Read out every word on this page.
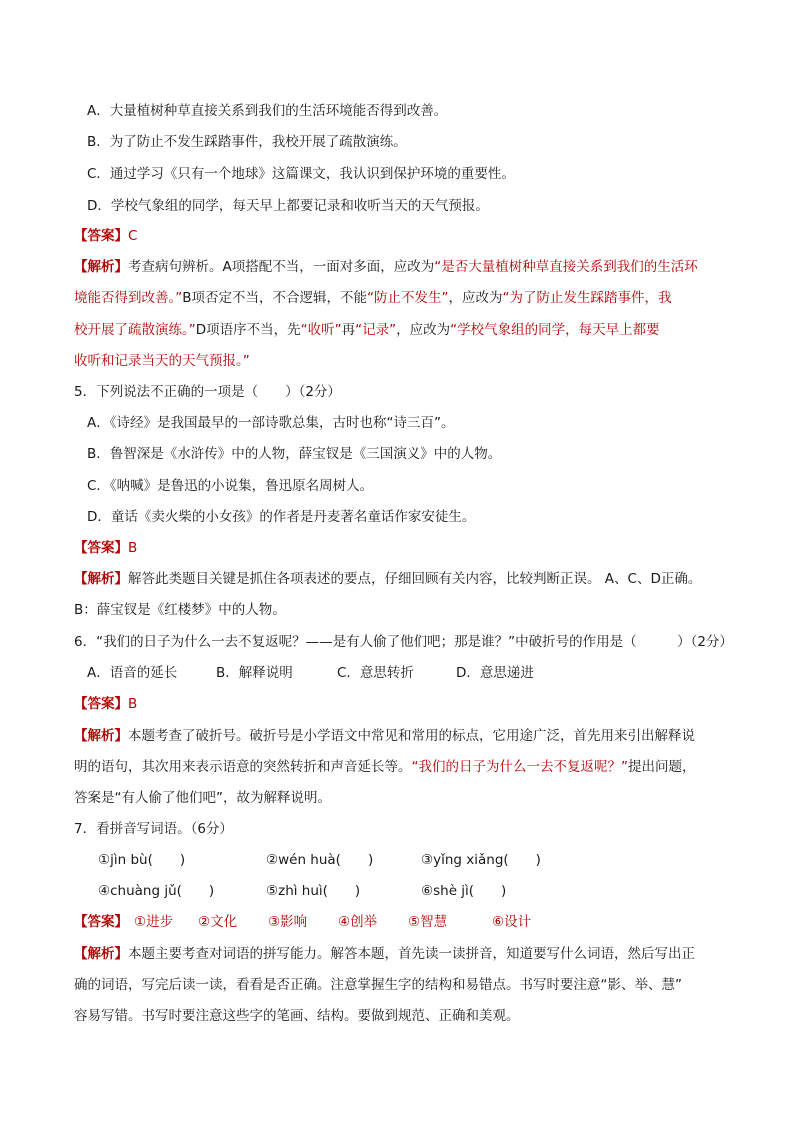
A．大量植树种草直接关系到我们的生活环境能否得到改善。
B．为了防止不发生踩踏事件，我校开展了疏散演练。
C．通过学习《只有一个地球》这篇课文，我认识到保护环境的重要性。
D．学校气象组的同学，每天早上都要记录和收听当天的天气预报。
【答案】C
【解析】考查病句辨析。A项搭配不当，一面对多面，应改为“是否大量植树种草直接关系到我们的生活环
境能否得到改善。”B项否定不当，不合逻辑，不能“防止不发生”，应改为“为了防止发生踩踏事件，我
校开展了疏散演练。”D项语序不当，先“收听”再“记录”，应改为“学校气象组的同学，每天早上都要
收听和记录当天的天气预报。”
5．下列说法不正确的一项是（　　）（2分）
A．《诗经》是我国最早的一部诗歌总集，古时也称“诗三百”。
B．鲁智深是《水浒传》中的人物，薛宝钗是《三国演义》中的人物。
C．《呐喊》是鲁迅的小说集，鲁迅原名周树人。
D．童话《卖火柴的小女孩》的作者是丹麦著名童话作家安徒生。
【答案】B
【解析】解答此类题目关键是抓住各项表述的要点，仔细回顾有关内容，比较判断正误。 A、C、D正确。
B：薛宝钗是《红楼梦》中的人物。
6．“我们的日子为什么一去不复返呢？——是有人偷了他们吧；那是谁？”中破折号的作用是（　　　）（2分）
A．语音的延长	B．解释说明	C．意思转折	D．意思递进
【答案】B
【解析】本题考查了破折号。破折号是小学语文中常见和常用的标点，它用途广泛，首先用来引出解释说
明的语句，其次用来表示语意的突然转折和声音延长等。“我们的日子为什么一去不复返呢？”提出问题，
答案是“有人偷了他们吧”，故为解释说明。
7．看拼音写词语。（6分）
①jìn bù(　　)	②wén huà(　　)	③yǐng xiǎng(　　)
④chuàng jǔ(　　)	⑤zhì huì(　　)	⑥shè jì(　　)
【答案】 ①进步 ②文化 ③影响 ④创举 ⑤智慧	⑥设计
【解析】本题主要考查对词语的拼写能力。解答本题，首先读一读拼音，知道要写什么词语，然后写出正
确的词语，写完后读一读，看看是否正确。注意掌握生字的结构和易错点。书写时要注意“影、举、慧”
容易写错。书写时要注意这些字的笔画、结构。要做到规范、正确和美观。
